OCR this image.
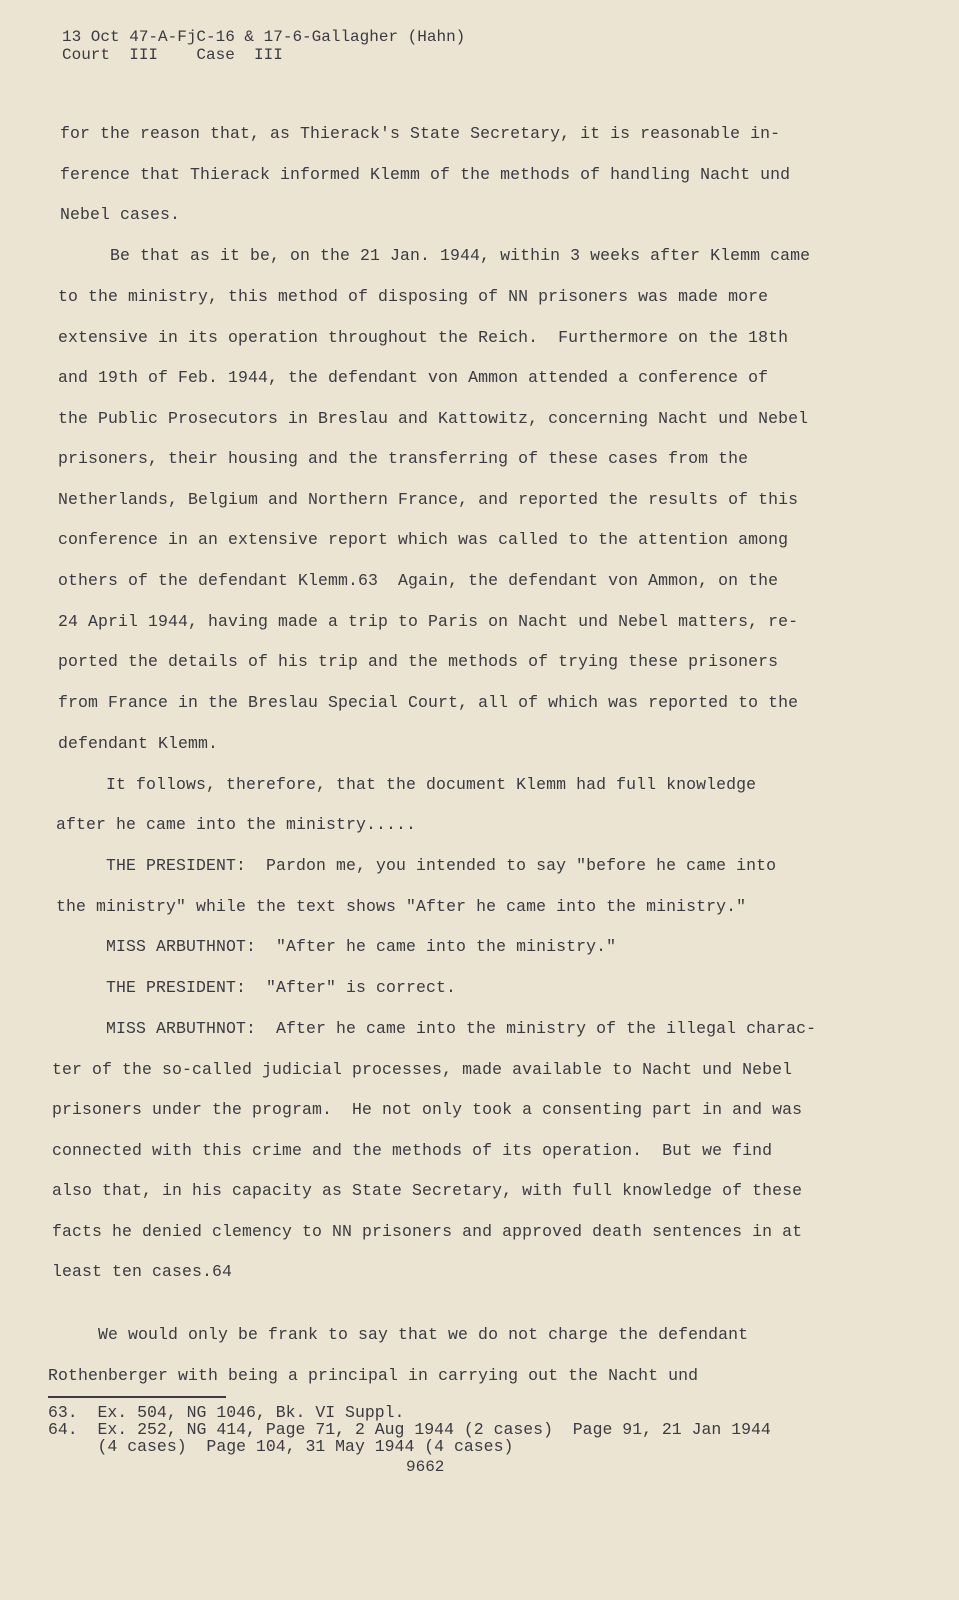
13 Oct 47-A-FjC-16 & 17-6-Gallagher (Hahn)
Court  III    Case  III
for the reason that, as Thierack's State Secretary, it is reasonable in-
ference that Thierack informed Klemm of the methods of handling Nacht und
Nebel cases.
Be that as it be, on the 21 Jan. 1944, within 3 weeks after Klemm came
to the ministry, this method of disposing of NN prisoners was made more
extensive in its operation throughout the Reich.  Furthermore on the 18th
and 19th of Feb. 1944, the defendant von Ammon attended a conference of
the Public Prosecutors in Breslau and Kattowitz, concerning Nacht und Nebel
prisoners, their housing and the transferring of these cases from the
Netherlands, Belgium and Northern France, and reported the results of this
conference in an extensive report which was called to the attention among
others of the defendant Klemm.63  Again, the defendant von Ammon, on the
24 April 1944, having made a trip to Paris on Nacht und Nebel matters, re-
ported the details of his trip and the methods of trying these prisoners
from France in the Breslau Special Court, all of which was reported to the
defendant Klemm.
It follows, therefore, that the document Klemm had full knowledge
after he came into the ministry.....
THE PRESIDENT:  Pardon me, you intended to say "before he came into
the ministry" while the text shows "After he came into the ministry."
MISS ARBUTHNOT:  "After he came into the ministry."
THE PRESIDENT:  "After" is correct.
MISS ARBUTHNOT:  After he came into the ministry of the illegal charac-
ter of the so-called judicial processes, made available to Nacht und Nebel
prisoners under the program.  He not only took a consenting part in and was
connected with this crime and the methods of its operation.  But we find
also that, in his capacity as State Secretary, with full knowledge of these
facts he denied clemency to NN prisoners and approved death sentences in at
least ten cases.64
We would only be frank to say that we do not charge the defendant
Rothenberger with being a principal in carrying out the Nacht und
63.  Ex. 504, NG 1046, Bk. VI Suppl.
64.  Ex. 252, NG 414, Page 71, 2 Aug 1944 (2 cases)  Page 91, 21 Jan 1944
(4 cases)  Page 104, 31 May 1944 (4 cases)
9662
